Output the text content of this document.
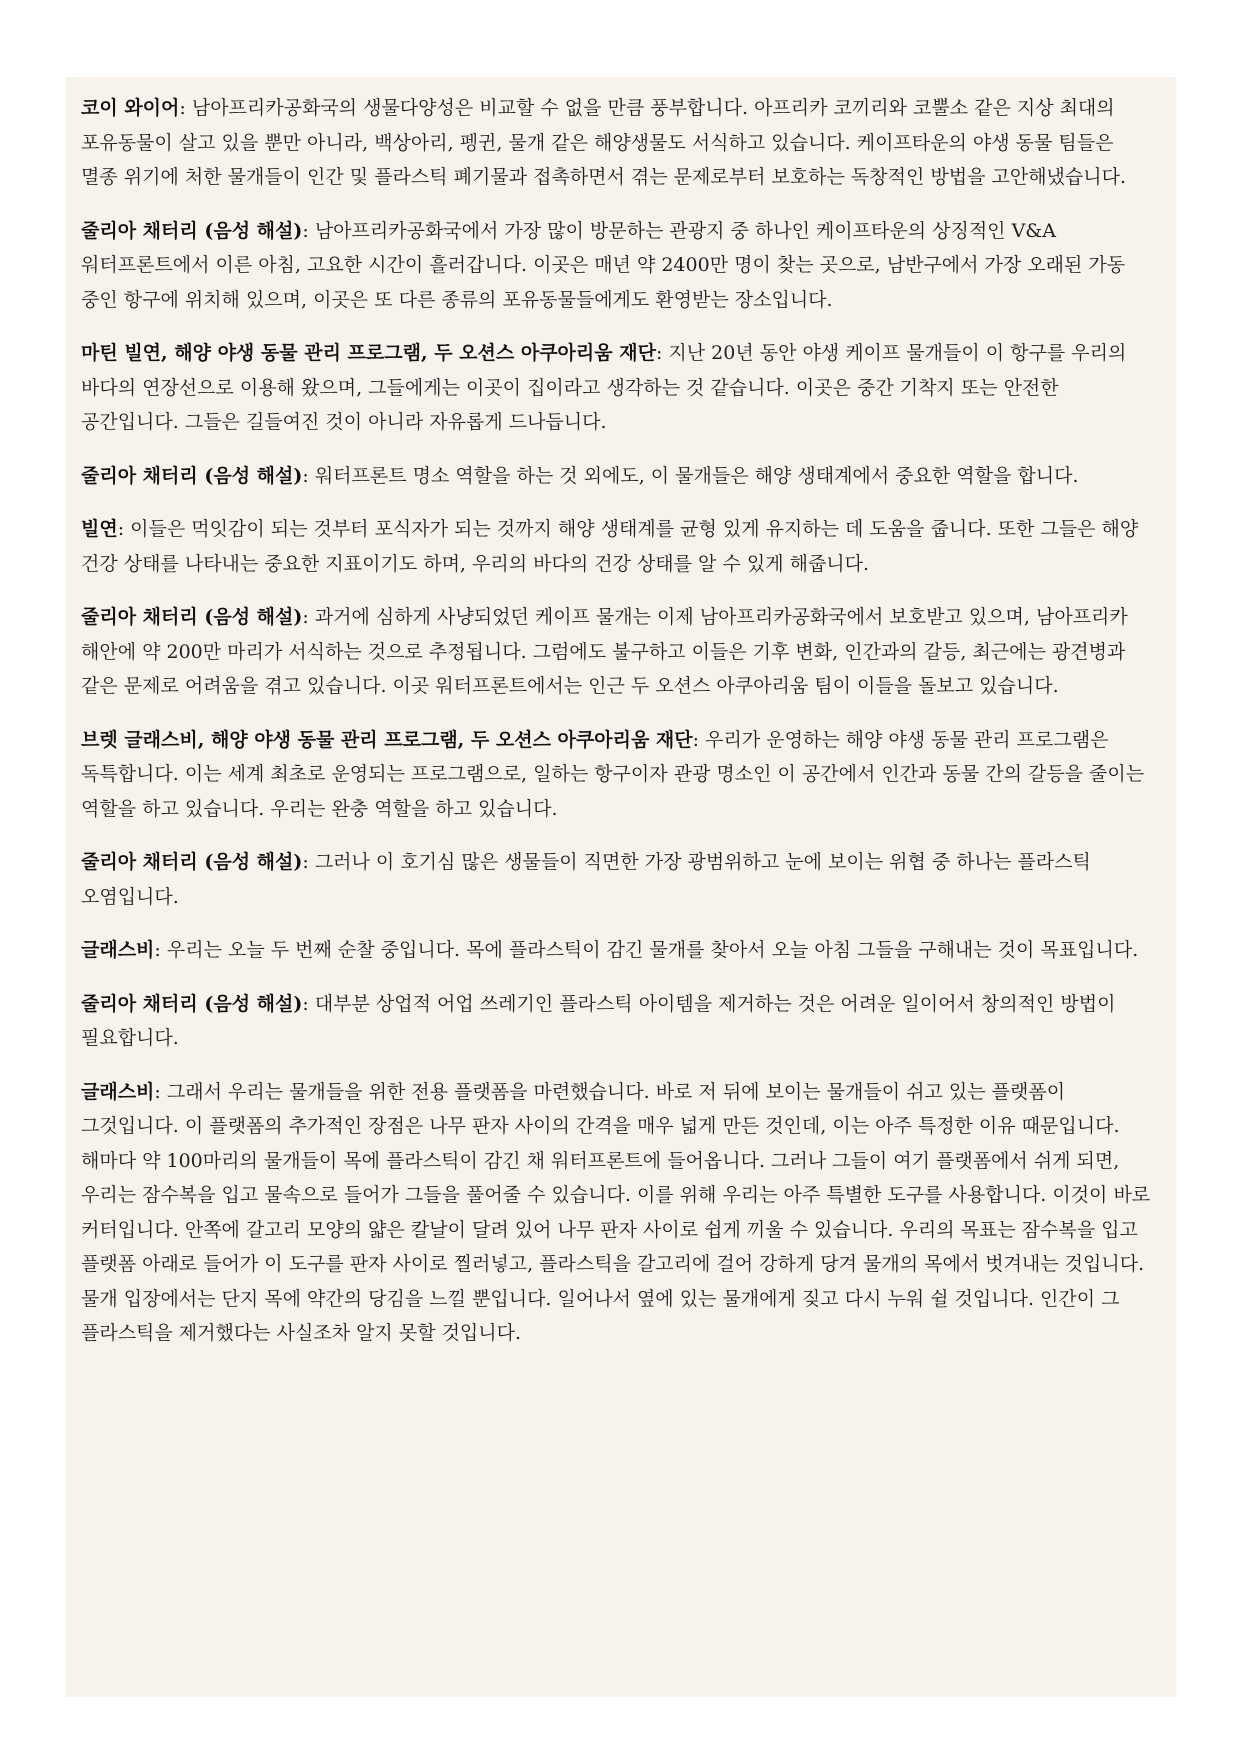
코이 와이어: 남아프리카공화국의 생물다양성은 비교할 수 없을 만큼 풍부합니다. 아프리카 코끼리와 코뿔소 같은 지상 최대의 포유동물이 살고 있을 뿐만 아니라, 백상아리, 펭귄, 물개 같은 해양생물도 서식하고 있습니다. 케이프타운의 야생 동물 팀들은 멸종 위기에 처한 물개들이 인간 및 플라스틱 폐기물과 접촉하면서 겪는 문제로부터 보호하는 독창적인 방법을 고안해냈습니다.

줄리아 채터리 (음성 해설): 남아프리카공화국에서 가장 많이 방문하는 관광지 중 하나인 케이프타운의 상징적인 V&A 워터프론트에서 이른 아침, 고요한 시간이 흘러갑니다. 이곳은 매년 약 2400만 명이 찾는 곳으로, 남반구에서 가장 오래된 가동 중인 항구에 위치해 있으며, 이곳은 또 다른 종류의 포유동물들에게도 환영받는 장소입니다.

마틴 빌연, 해양 야생 동물 관리 프로그램, 두 오션스 아쿠아리움 재단: 지난 20년 동안 야생 케이프 물개들이 이 항구를 우리의 바다의 연장선으로 이용해 왔으며, 그들에게는 이곳이 집이라고 생각하는 것 같습니다. 이곳은 중간 기착지 또는 안전한 공간입니다. 그들은 길들여진 것이 아니라 자유롭게 드나듭니다.

줄리아 채터리 (음성 해설): 워터프론트 명소 역할을 하는 것 외에도, 이 물개들은 해양 생태계에서 중요한 역할을 합니다.

빌연: 이들은 먹잇감이 되는 것부터 포식자가 되는 것까지 해양 생태계를 균형 있게 유지하는 데 도움을 줍니다. 또한 그들은 해양 건강 상태를 나타내는 중요한 지표이기도 하며, 우리의 바다의 건강 상태를 알 수 있게 해줍니다.

줄리아 채터리 (음성 해설): 과거에 심하게 사냥되었던 케이프 물개는 이제 남아프리카공화국에서 보호받고 있으며, 남아프리카 해안에 약 200만 마리가 서식하는 것으로 추정됩니다. 그럼에도 불구하고 이들은 기후 변화, 인간과의 갈등, 최근에는 광견병과 같은 문제로 어려움을 겪고 있습니다. 이곳 워터프론트에서는 인근 두 오션스 아쿠아리움 팀이 이들을 돌보고 있습니다.

브렛 글래스비, 해양 야생 동물 관리 프로그램, 두 오션스 아쿠아리움 재단: 우리가 운영하는 해양 야생 동물 관리 프로그램은 독특합니다. 이는 세계 최초로 운영되는 프로그램으로, 일하는 항구이자 관광 명소인 이 공간에서 인간과 동물 간의 갈등을 줄이는 역할을 하고 있습니다. 우리는 완충 역할을 하고 있습니다.

줄리아 채터리 (음성 해설): 그러나 이 호기심 많은 생물들이 직면한 가장 광범위하고 눈에 보이는 위협 중 하나는 플라스틱 오염입니다.

글래스비: 우리는 오늘 두 번째 순찰 중입니다. 목에 플라스틱이 감긴 물개를 찾아서 오늘 아침 그들을 구해내는 것이 목표입니다.

줄리아 채터리 (음성 해설): 대부분 상업적 어업 쓰레기인 플라스틱 아이템을 제거하는 것은 어려운 일이어서 창의적인 방법이 필요합니다.

글래스비: 그래서 우리는 물개들을 위한 전용 플랫폼을 마련했습니다. 바로 저 뒤에 보이는 물개들이 쉬고 있는 플랫폼이 그것입니다. 이 플랫폼의 추가적인 장점은 나무 판자 사이의 간격을 매우 넓게 만든 것인데, 이는 아주 특정한 이유 때문입니다. 해마다 약 100마리의 물개들이 목에 플라스틱이 감긴 채 워터프론트에 들어옵니다. 그러나 그들이 여기 플랫폼에서 쉬게 되면, 우리는 잠수복을 입고 물속으로 들어가 그들을 풀어줄 수 있습니다. 이를 위해 우리는 아주 특별한 도구를 사용합니다. 이것이 바로 커터입니다. 안쪽에 갈고리 모양의 얇은 칼날이 달려 있어 나무 판자 사이로 쉽게 끼울 수 있습니다. 우리의 목표는 잠수복을 입고 플랫폼 아래로 들어가 이 도구를 판자 사이로 찔러넣고, 플라스틱을 갈고리에 걸어 강하게 당겨 물개의 목에서 벗겨내는 것입니다. 물개 입장에서는 단지 목에 약간의 당김을 느낄 뿐입니다. 일어나서 옆에 있는 물개에게 짖고 다시 누워 쉴 것입니다. 인간이 그 플라스틱을 제거했다는 사실조차 알지 못할 것입니다.
